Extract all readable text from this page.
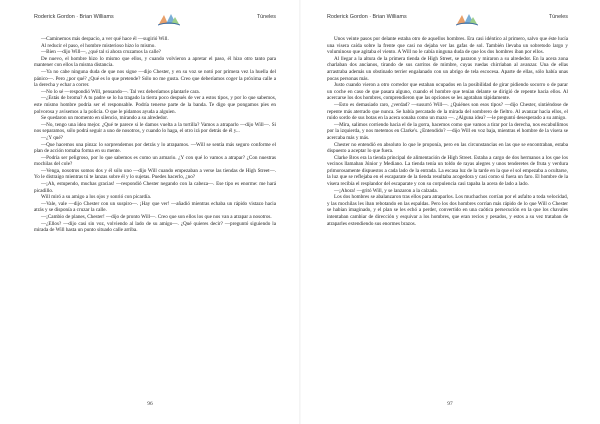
Roderick Gordon · Brian Williams	Túneles

—Caminemos más despacio, a ver qué hace él —sugirió Will.

Al reducir el paso, el hombre misterioso hizo lo mismo.

—Bien —dijo Will—, ¿qué tal si ahora cruzamos la calle?

De nuevo, el hombre hizo lo mismo que ellos, y cuando volvieron a apretar el paso, él hizo otro tanto para mantener con ellos la misma distancia.

—Ya no cabe ninguna duda de que nos sigue —dijo Chester, y en su voz se notó por primera vez la huella del pánico—. Pero ¿por qué? ¿Qué es lo que pretende? Sólo no me gusta. Creo que deberíamos coger la próxima calle a la derecha y echar a correr.

—No lo sé —respondió Will, pensando—. Tal vez deberíamos plantarle cara.

—¿Estás de broma? A tu padre se lo ha tragado la tierra poco después de ver a estos tipos, y por lo que sabemos, este mismo hombre podría ser el responsable. Podría tenerse parte de la banda. Te digo que pongamos pies en polvorosa y avisemos a la policía. O que le pidamos ayuda a alguien.

Se quedaron un momento en silencio, mirando a su alrededor.

—No, tengo una idea mejor. ¿Qué te parece si le damos vuelta a la tortilla? Vamos a atraparlo —dijo Will—. Si nos separamos, sólo podrá seguir a uno de nosotros, y cuando lo haga, el otro irá por detrás de él y...

—¿Y qué?

—Que hacemos una pinza: lo sorprendemos por detrás y lo atrapamos. —Will se sentía más seguro conforme el plan de acción tomaba forma en su mente.

—Podría ser peligroso, por lo que sabemos es como un armario. ¿Y con qué lo vamos a atrapar? ¿Con nuestras mochilas del cole?

—Venga, nosotros somos dos y él sólo uno —dijo Will cuando empezaban a verse las tiendas de High Street—. Yo le distraigo mientras tú te lanzas sobre él y lo sujetas. Puedes hacerlo, ¿no?

—¡Ah, estupendo, muchas gracias! —respondió Chester negando con la cabeza—. Ese tipo es enorme: me hará picadillo.

Will miró a su amigo a los ojos y sonrió con picardía.

—Vale, vale —dijo Chester con un suspiro—. ¡Hay que ver! —añadió mientras echaba un rápido vistazo hacia atrás y se disponía a cruzar la calle.

—¡Cambio de planes, Chester! —dijo de pronto Will—. Creo que son ellos los que nos van a atrapar a nosotros.

—¿Ellos? —dijo casi sin voz, volviendo al lado de su amigo—. ¿Qué quieres decir? —preguntó siguiendo la mirada de Will hasta un punto situado calle arriba.

96
Roderick Gordon · Brian Williams	Túneles

Unos veinte pasos por delante estaba otro de aquellos hombres. Era casi idéntico al primero, salvo que éste lucía una visera caída sobre la frente que casi no dejaba ver las gafas de sol. También llevaba un sobretodo largo y voluminoso que agitaba el viento. A Will no le cabía ninguna duda de que los dos hombres iban por ellos.

Al llegar a la altura de la primera tienda de High Street, se pararon y miraron a su alrededor. En la acera zona charlaban dos ancianos, tirando de sus carritos de mimbre, cuyas ruedas chirriaban al avanzar. Una de ellas arrastraba además un obstinado terrier engalanado con un abrigo de tela escocesa. Aparte de ellas, sólo había unas pocas personas más.

Justo cuando vieron a otro corredor que estaban ocupados en la posibilidad de girar pidiendo socorro o de parar un coche en caso de que pasara alguno, cuando el hombre que tenían delante se dirigió de repente hacia ellos. Al acercarse los dos hombres, comprendieron que las opciones se les agotaban rápidamente.

—Esto es demasiado raro, ¿verdad? —susurró Will—. ¿Quiénes son esos tipos? —dijo Chester, sintiéndose de repente más aterrado que nunca. Se había percatado de la mirada del sombrero de fieltro. Al avanzar hacia ellos, el ruido sordo de sus botas en la acera sonaba como un mazo —. ¿Alguna idea? —le preguntó desesperado a su amigo.

—Mira, salimos corriendo hacia el de la gorra, hacemos como que vamos a tirar por la derecha, nos escabullimos por la izquierda, y nos metemos en Clarke's. ¿Entendido? —dijo Will en voz baja, mientras el hombre de la visera se acercaba más y más.

Chester no entendió en absoluto lo que le proponía, pero en las circunstancias en las que se encontraban, estaba dispuesto a aceptar lo que fuera.

Clarke Bros era la tienda principal de alimentación de High Street. Estaba a cargo de dos hermanos a los que los vecinos llamaban Júnior y Mediano. La tienda tenía un toldo de rayas alegres y unos tenderetes de fruta y verdura primorosamente dispuestos a cada lado de la entrada. La escasa luz de la tarde en la que el sol empezaba a ocultarse, la luz que se reflejaba en el escaparate de la tienda resultaba acogedora y casi como si fuera un faro. El hombre de la visera recibía el resplandor del escaparate y con su corpulencia casi tapaba la acera de lado a lado.

—¡Ahora! —gritó Will, y se lanzaron a la calzada.

Los dos hombres se abalanzaron tras ellos para atraparlos. Los muchachos corrían por el asfalto a toda velocidad, y las mochilas les iban rebotando en las espaldas. Pero los dos hombres corrían más rápido de lo que Will o Chester se habían imaginado, y el plan se les echó a perder, convertido en una caótica persecución en la que los chavales intentaban cambiar de dirección y esquivar a los hombres, que eran recios y pesados, y estos a su vez trataban de atraparles extendiendo sus enormes brazos.

97
